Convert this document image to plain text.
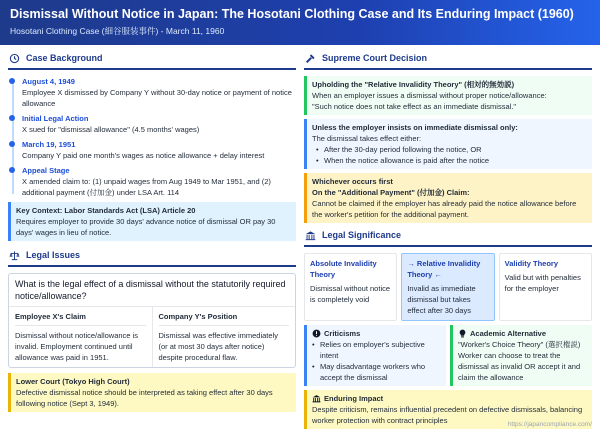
Dismissal Without Notice in Japan: The Hosotani Clothing Case and Its Enduring Impact (1960)
Hosotani Clothing Case (細谷服装事件) - March 11, 1960
Case Background
August 4, 1949
Employee X dismissed by Company Y without 30-day notice or payment of notice allowance
Initial Legal Action
X sued for "dismissal allowance" (4.5 months' wages)
March 19, 1951
Company Y paid one month's wages as notice allowance + delay interest
Appeal Stage
X amended claim to: (1) unpaid wages from Aug 1949 to Mar 1951, and (2) additional payment (付加金) under LSA Art. 114
Key Context: Labor Standards Act (LSA) Article 20
Requires employer to provide 30 days' advance notice of dismissal OR pay 30 days' wages in lieu of notice.
Legal Issues
What is the legal effect of a dismissal without the statutorily required notice/allowance?
Employee X's Claim
Dismissal without notice/allowance is invalid. Employment continued until allowance was paid in 1951.
Company Y's Position
Dismissal was effective immediately (or at most 30 days after notice) despite procedural flaw.
Lower Court (Tokyo High Court)
Defective dismissal notice should be interpreted as taking effect after 30 days following notice (Sept 3, 1949).
Supreme Court Decision
Upholding the "Relative Invalidity Theory" (相対的無効説)
When an employer issues a dismissal without proper notice/allowance:
"Such notice does not take effect as an immediate dismissal."
Unless the employer insists on immediate dismissal only:
The dismissal takes effect either:
• After the 30-day period following the notice, OR
• When the notice allowance is paid after the notice
Whichever occurs first
On the "Additional Payment" (付加金) Claim:
Cannot be claimed if the employer has already paid the notice allowance before the worker's petition for the additional payment.
Legal Significance
Absolute Invalidity Theory
Dismissal without notice is completely void
→ Relative Invalidity Theory ←
Invalid as immediate dismissal but takes effect after 30 days
Validity Theory
Valid but with penalties for the employer
Criticisms
• Relies on employer's subjective intent
• May disadvantage workers who accept the dismissal
Academic Alternative
"Worker's Choice Theory" (選択権説) Worker can choose to treat the dismissal as invalid OR accept it and claim the allowance
Enduring Impact
Despite criticism, remains influential precedent on defective dismissals, balancing worker protection with contract principles	https://japancompliance.com/
